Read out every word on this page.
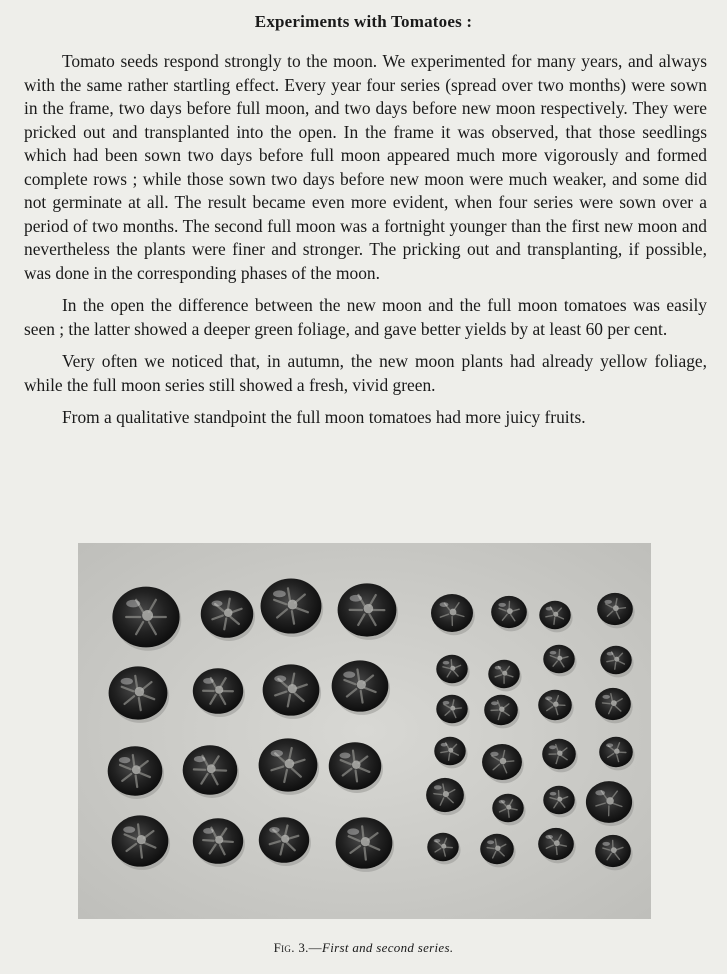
Experiments with Tomatoes :

Tomato seeds respond strongly to the moon. We experimented for many years, and always with the same rather startling effect. Every year four series (spread over two months) were sown in the frame, two days before full moon, and two days before new moon respectively. They were pricked out and transplanted into the open. In the frame it was observed, that those seedlings which had been sown two days before full moon appeared much more vigorously and formed complete rows ; while those sown two days before new moon were much weaker, and some did not germinate at all. The result became even more evident, when four series were sown over a period of two months. The second full moon was a fortnight younger than the first new moon and nevertheless the plants were finer and stronger. The pricking out and transplanting, if possible, was done in the corresponding phases of the moon.

In the open the difference between the new moon and the full moon tomatoes was easily seen ; the latter showed a deeper green foliage, and gave better yields by at least 60 per cent.

Very often we noticed that, in autumn, the new moon plants had already yellow foliage, while the full moon series still showed a fresh, vivid green.

From a qualitative standpoint the full moon tomatoes had more juicy fruits.

Fig. 3.—First and second series.
